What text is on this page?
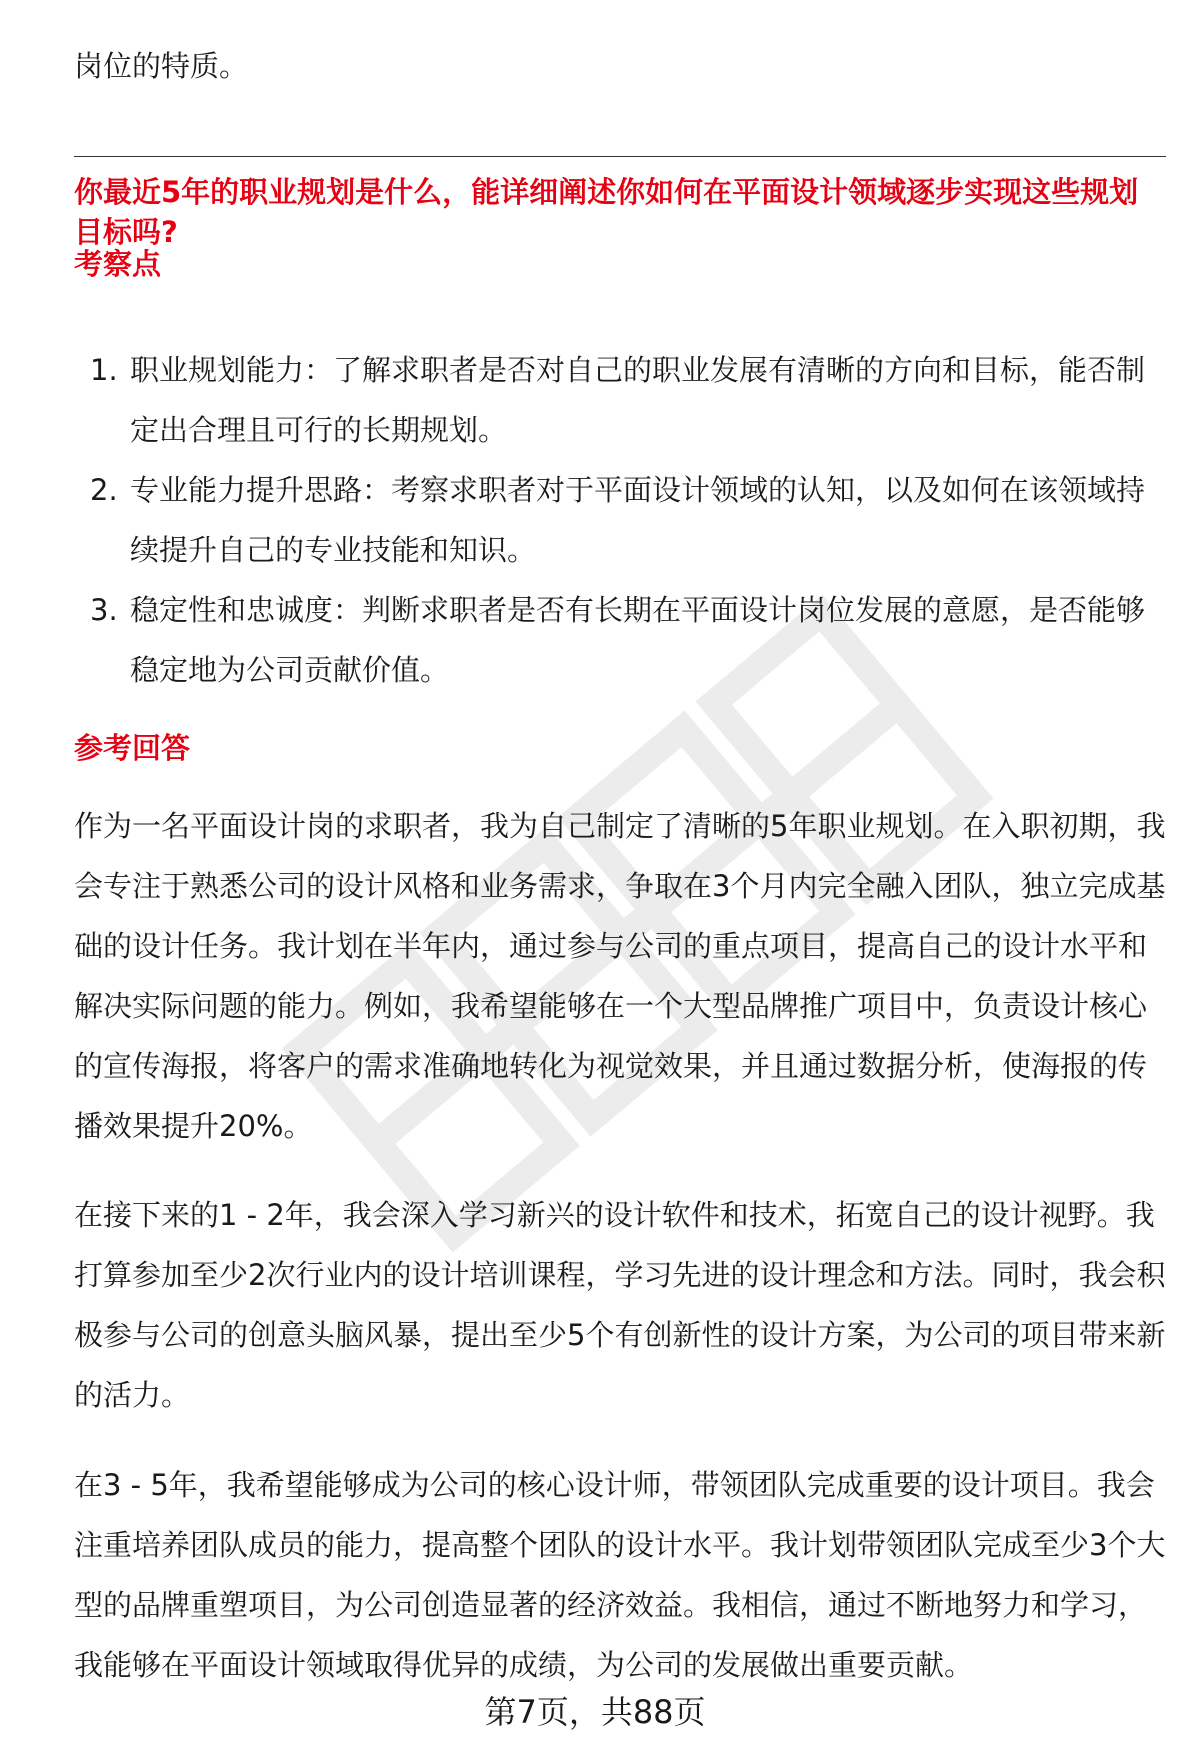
岗位的特质。
你最近5年的职业规划是什么，能详细阐述你如何在平面设计领域逐步实现这些规划目标吗?
考察点
1. 职业规划能力：了解求职者是否对自己的职业发展有清晰的方向和目标，能否制定出合理且可行的长期规划。
2. 专业能力提升思路：考察求职者对于平面设计领域的认知，以及如何在该领域持续提升自己的专业技能和知识。
3. 稳定性和忠诚度：判断求职者是否有长期在平面设计岗位发展的意愿，是否能够稳定地为公司贡献价值。
参考回答

作为一名平面设计岗的求职者，我为自己制定了清晰的5年职业规划。在入职初期，我会专注于熟悉公司的设计风格和业务需求，争取在3个月内完全融入团队，独立完成基础的设计任务。我计划在半年内，通过参与公司的重点项目，提高自己的设计水平和解决实际问题的能力。例如，我希望能够在一个大型品牌推广项目中，负责设计核心的宣传海报，将客户的需求准确地转化为视觉效果，并且通过数据分析，使海报的传播效果提升20%。

在接下来的1 - 2年，我会深入学习新兴的设计软件和技术，拓宽自己的设计视野。我打算参加至少2次行业内的设计培训课程，学习先进的设计理念和方法。同时，我会积极参与公司的创意头脑风暴，提出至少5个有创新性的设计方案，为公司的项目带来新的活力。

在3 - 5年，我希望能够成为公司的核心设计师，带领团队完成重要的设计项目。我会注重培养团队成员的能力，提高整个团队的设计水平。我计划带领团队完成至少3个大型的品牌重塑项目，为公司创造显著的经济效益。我相信，通过不断地努力和学习，我能够在平面设计领域取得优异的成绩，为公司的发展做出重要贡献。

第7页，共88页
